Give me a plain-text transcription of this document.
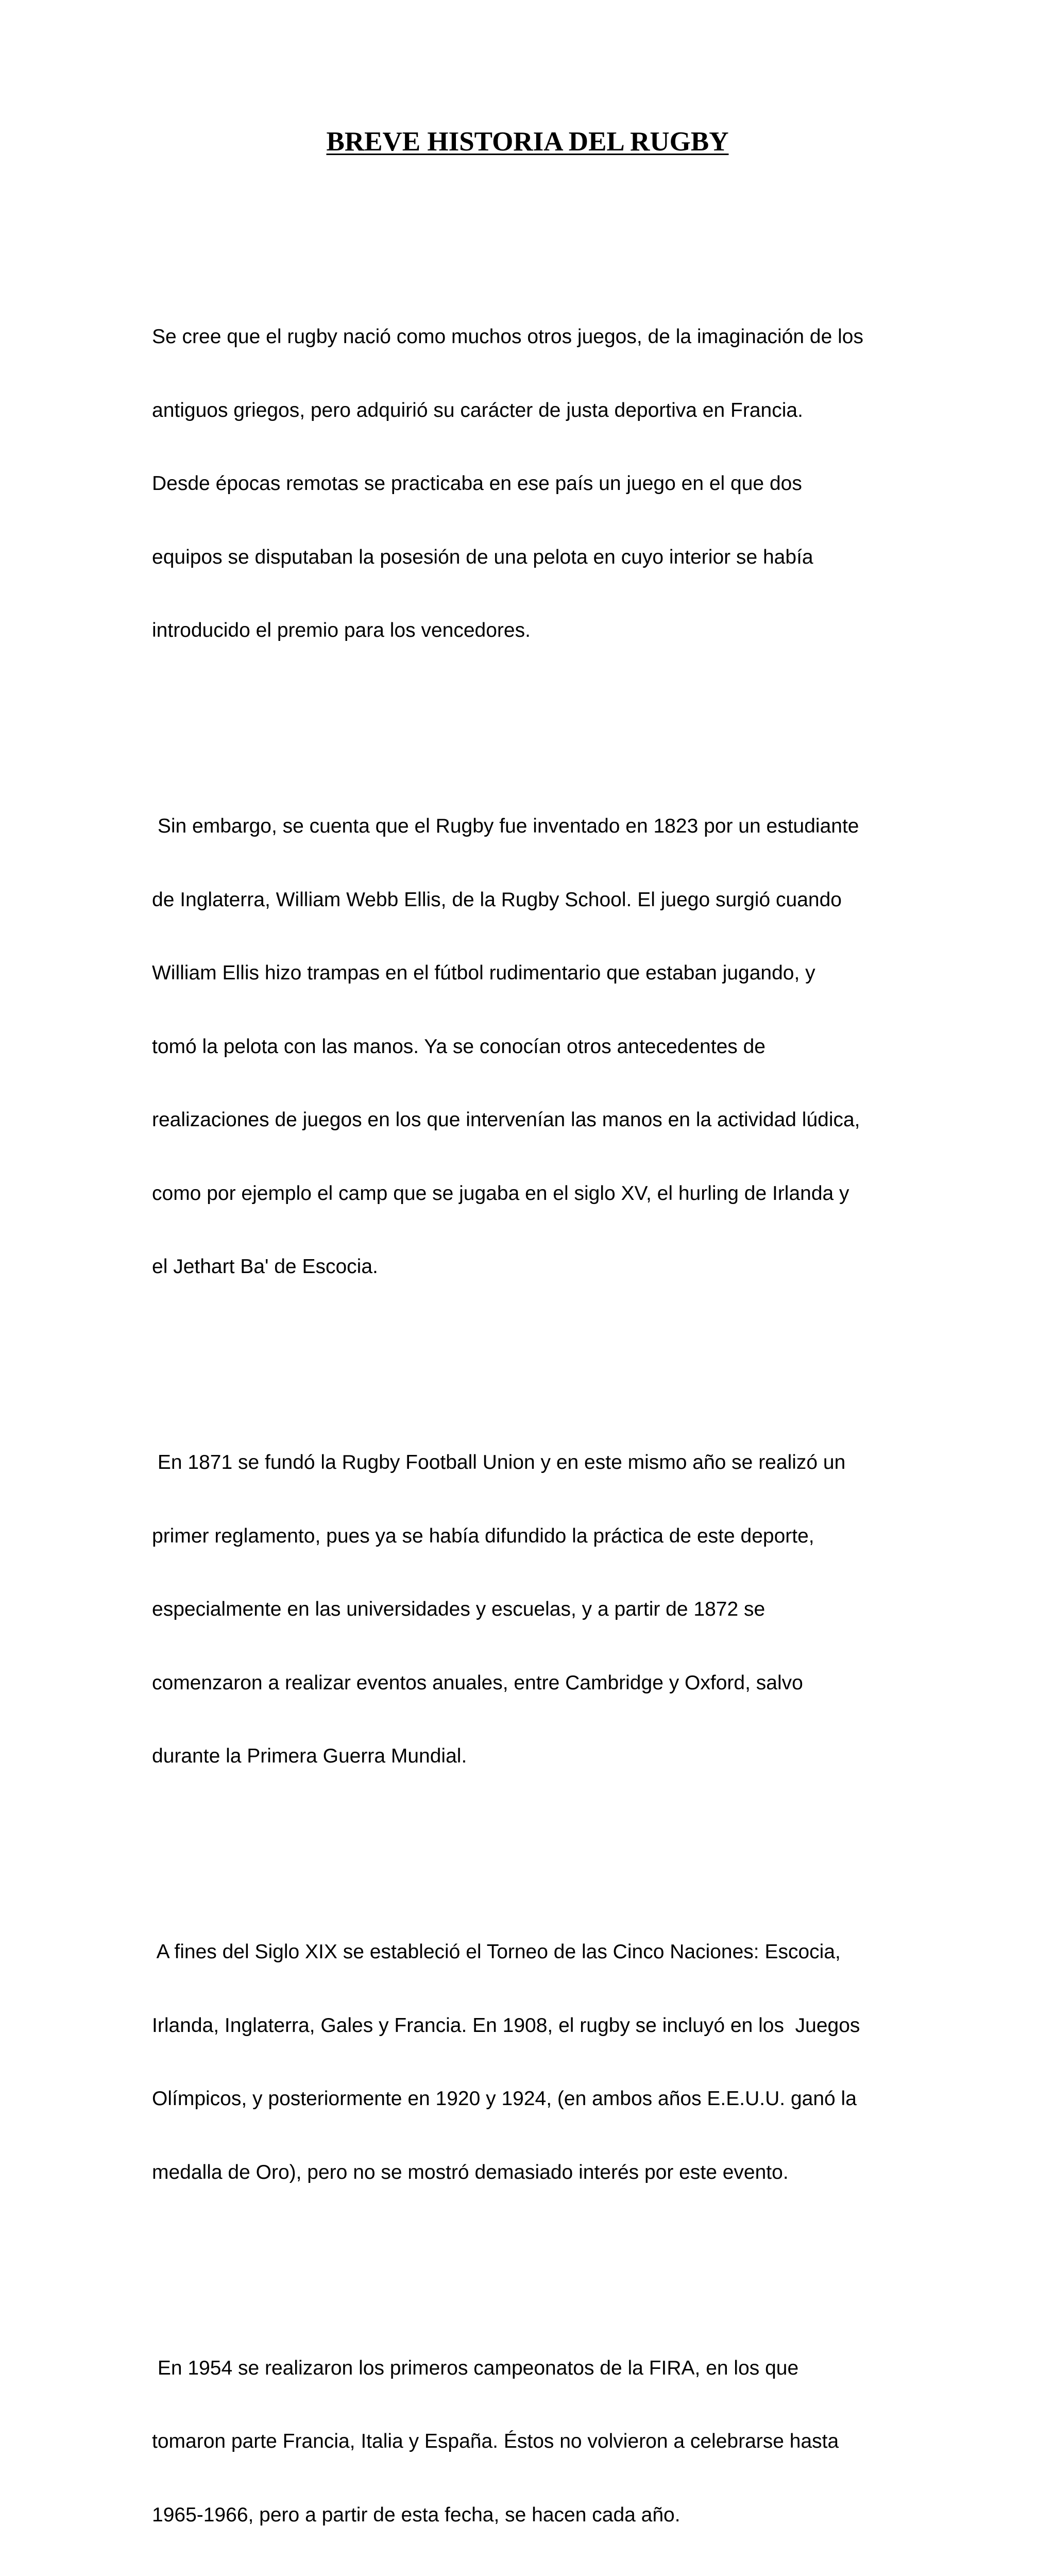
BREVE HISTORIA DEL RUGBY

Se cree que el rugby nació como muchos otros juegos, de la imaginación de los

antiguos griegos, pero adquirió su carácter de justa deportiva en Francia.

Desde épocas remotas se practicaba en ese país un juego en el que dos

equipos se disputaban la posesión de una pelota en cuyo interior se había

introducido el premio para los vencedores.

Sin embargo, se cuenta que el Rugby fue inventado en 1823 por un estudiante

de Inglaterra, William Webb Ellis, de la Rugby School. El juego surgió cuando

William Ellis hizo trampas en el fútbol rudimentario que estaban jugando, y

tomó la pelota con las manos. Ya se conocían otros antecedentes de

realizaciones de juegos en los que intervenían las manos en la actividad lúdica,

como por ejemplo el camp que se jugaba en el siglo XV, el hurling de Irlanda y

el Jethart Ba' de Escocia.

En 1871 se fundó la Rugby Football Union y en este mismo año se realizó un

primer reglamento, pues ya se había difundido la práctica de este deporte,

especialmente en las universidades y escuelas, y a partir de 1872 se

comenzaron a realizar eventos anuales, entre Cambridge y Oxford, salvo

durante la Primera Guerra Mundial.

A fines del Siglo XIX se estableció el Torneo de las Cinco Naciones: Escocia,

Irlanda, Inglaterra, Gales y Francia. En 1908, el rugby se incluyó en los  Juegos

Olímpicos, y posteriormente en 1920 y 1924, (en ambos años E.E.U.U. ganó la

medalla de Oro), pero no se mostró demasiado interés por este evento.

En 1954 se realizaron los primeros campeonatos de la FIRA, en los que

tomaron parte Francia, Italia y España. Éstos no volvieron a celebrarse hasta

1965-1966, pero a partir de esta fecha, se hacen cada año.
